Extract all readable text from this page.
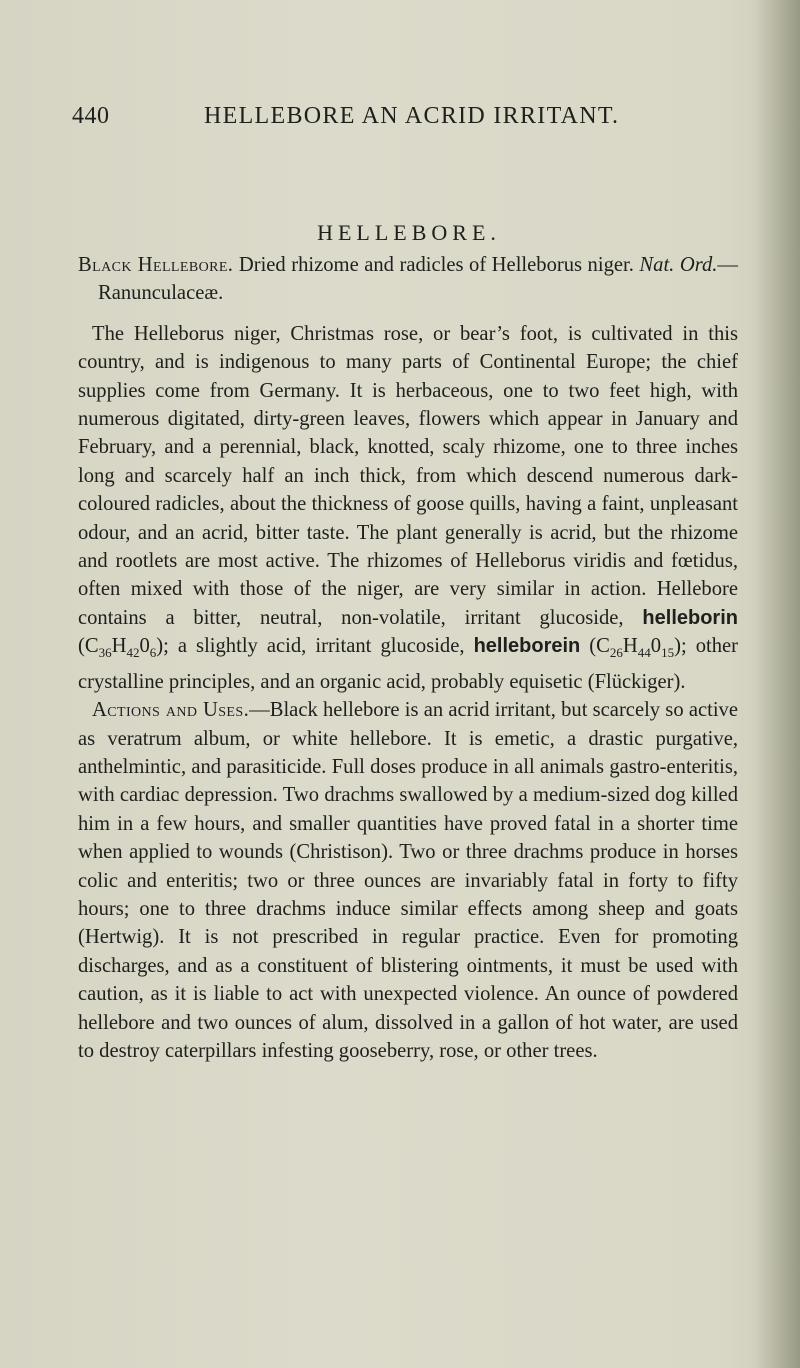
440	HELLEBORE AN ACRID IRRITANT.
HELLEBORE.

Black Hellebore. Dried rhizome and radicles of Helleborus niger. Nat. Ord.—Ranunculaceæ.

The Helleborus niger, Christmas rose, or bear’s foot, is cultivated in this country, and is indigenous to many parts of Continental Europe; the chief supplies come from Germany. It is herbaceous, one to two feet high, with numerous digitated, dirty-green leaves, flowers which appear in January and February, and a perennial, black, knotted, scaly rhizome, one to three inches long and scarcely half an inch thick, from which descend numerous dark-coloured radicles, about the thickness of goose quills, having a faint, unpleasant odour, and an acrid, bitter taste. The plant generally is acrid, but the rhizome and rootlets are most active. The rhizomes of Helleborus viridis and fœtidus, often mixed with those of the niger, are very similar in action. Hellebore contains a bitter, neutral, non-volatile, irritant glucoside, helleborin $(C_{36}H_{42}0_6)$; a slightly acid, irritant glucoside, helleborein $(C_{26}H_{44}0_{15})$; other crystalline principles, and an organic acid, probably equisetic (Flückiger).

Actions and Uses.—Black hellebore is an acrid irritant, but scarcely so active as veratrum album, or white hellebore. It is emetic, a drastic purgative, anthelmintic, and parasiticide. Full doses produce in all animals gastro-enteritis, with cardiac depression. Two drachms swallowed by a medium-sized dog killed him in a few hours, and smaller quantities have proved fatal in a shorter time when applied to wounds (Christison). Two or three drachms produce in horses colic and enteritis; two or three ounces are invariably fatal in forty to fifty hours; one to three drachms induce similar effects among sheep and goats (Hertwig). It is not prescribed in regular practice. Even for promoting discharges, and as a constituent of blistering ointments, it must be used with caution, as it is liable to act with unexpected violence. An ounce of powdered hellebore and two ounces of alum, dissolved in a gallon of hot water, are used to destroy caterpillars infesting gooseberry, rose, or other trees.
